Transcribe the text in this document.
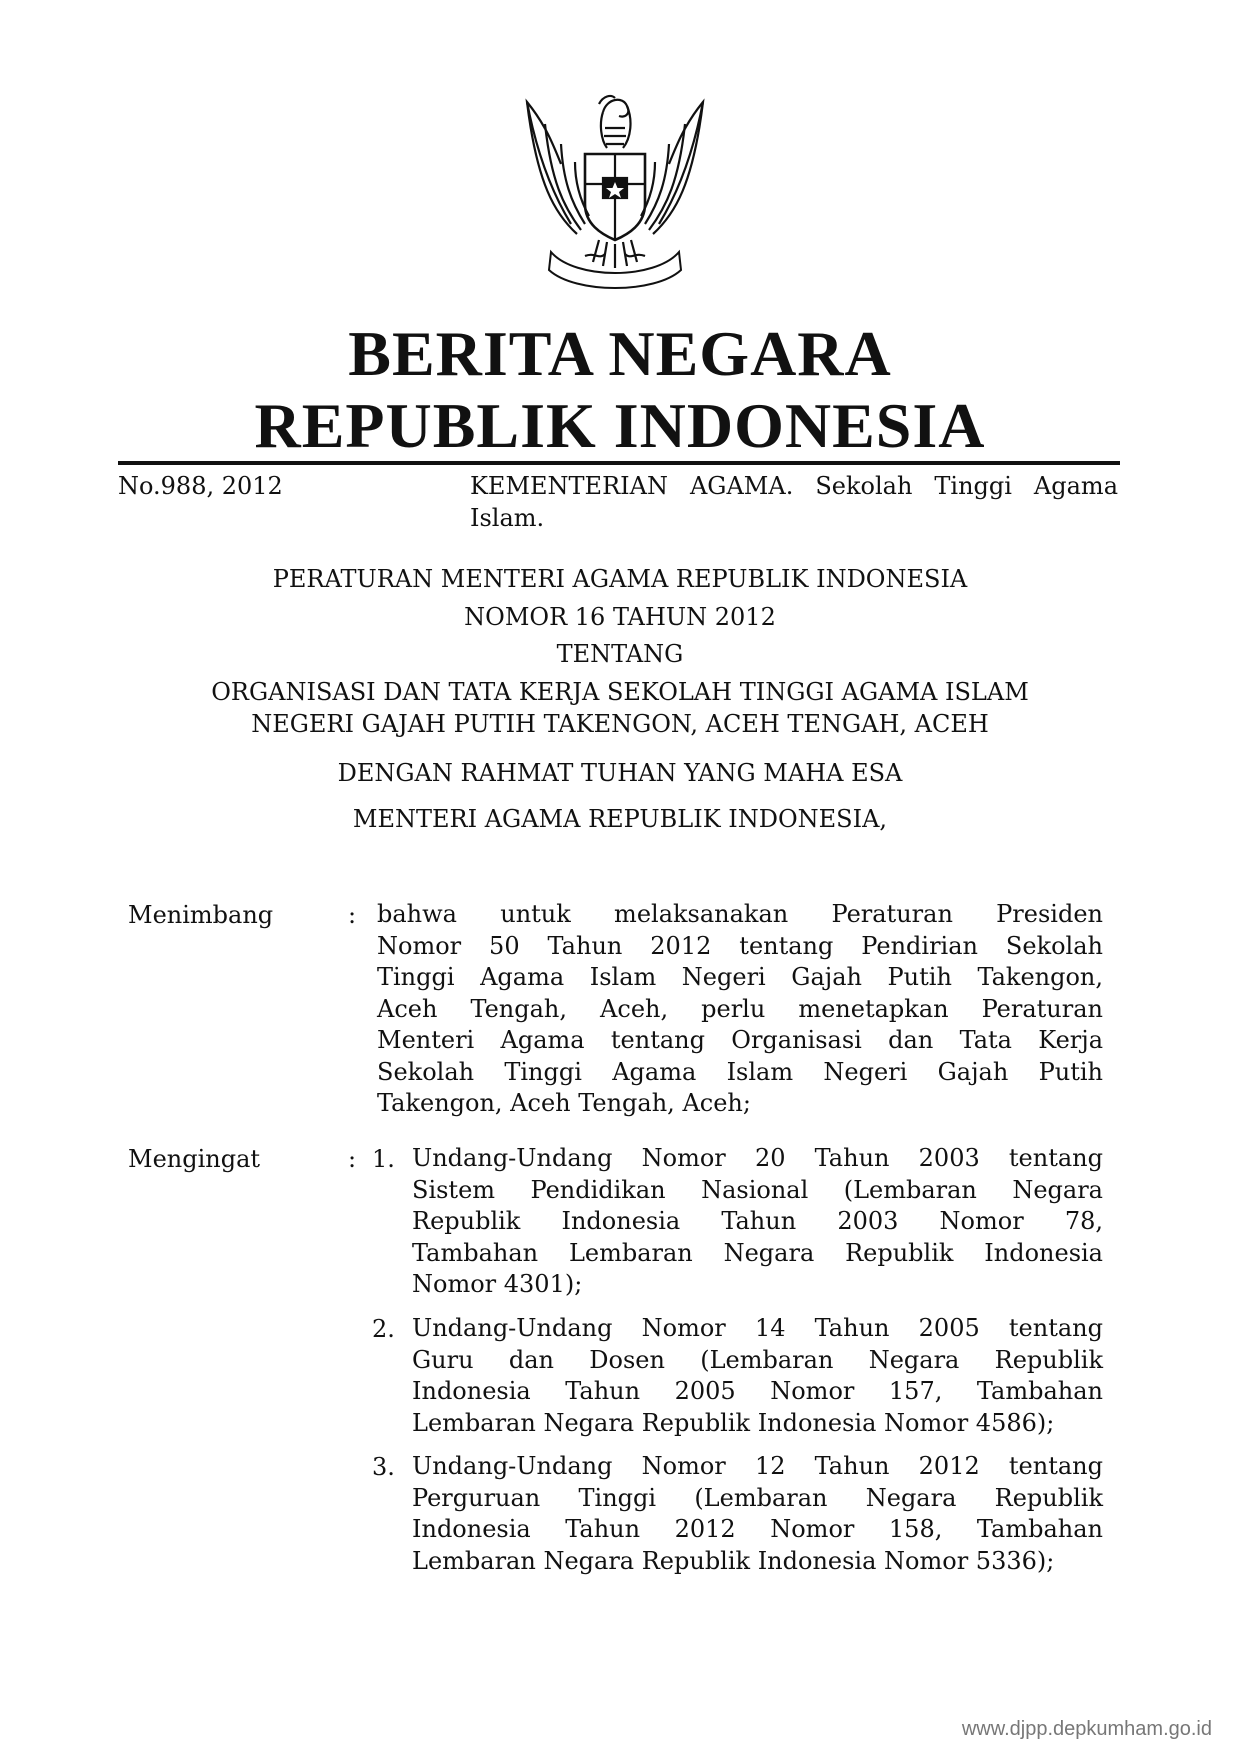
BERITA NEGARA
REPUBLIK INDONESIA
No.988, 2012	KEMENTERIAN AGAMA. Sekolah Tinggi Agama
Islam.
PERATURAN MENTERI AGAMA REPUBLIK INDONESIA
NOMOR 16 TAHUN 2012
TENTANG
ORGANISASI DAN TATA KERJA SEKOLAH TINGGI AGAMA ISLAM
NEGERI GAJAH PUTIH TAKENGON, ACEH TENGAH, ACEH
DENGAN RAHMAT TUHAN YANG MAHA ESA
MENTERI AGAMA REPUBLIK INDONESIA,
Menimbang	: bahwa untuk melaksanakan Peraturan Presiden
Nomor 50 Tahun 2012 tentang Pendirian Sekolah
Tinggi Agama Islam Negeri Gajah Putih Takengon,
Aceh Tengah, Aceh, perlu menetapkan Peraturan
Menteri Agama tentang Organisasi dan Tata Kerja
Sekolah Tinggi Agama Islam Negeri Gajah Putih
Takengon, Aceh Tengah, Aceh;
Mengingat	: 1. Undang-Undang Nomor 20 Tahun 2003 tentang
Sistem Pendidikan Nasional (Lembaran Negara
Republik Indonesia Tahun 2003 Nomor 78,
Tambahan Lembaran Negara Republik Indonesia
Nomor 4301);
2. Undang-Undang Nomor 14 Tahun 2005 tentang
Guru dan Dosen (Lembaran Negara Republik
Indonesia Tahun 2005 Nomor 157, Tambahan
Lembaran Negara Republik Indonesia Nomor 4586);
3. Undang-Undang Nomor 12 Tahun 2012 tentang
Perguruan Tinggi (Lembaran Negara Republik
Indonesia Tahun 2012 Nomor 158, Tambahan
Lembaran Negara Republik Indonesia Nomor 5336);
www.djpp.depkumham.go.id
